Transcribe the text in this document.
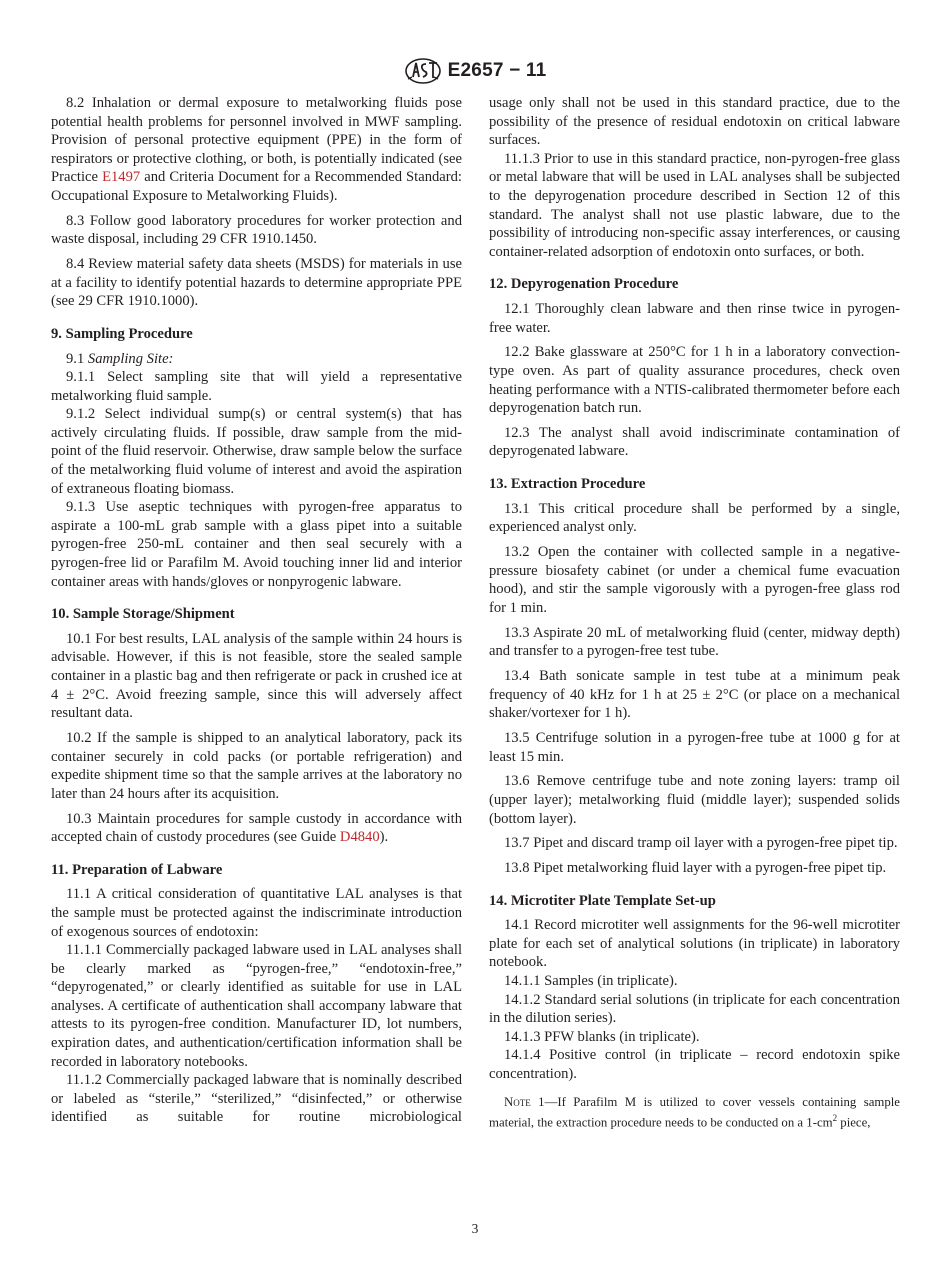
E2657 − 11

8.2 Inhalation or dermal exposure to metalworking fluids pose potential health problems for personnel involved in MWF sampling. Provision of personal protective equipment (PPE) in the form of respirators or protective clothing, or both, is potentially indicated (see Practice E1497 and Criteria Document for a Recommended Standard: Occupational Exposure to Metalworking Fluids).

8.3 Follow good laboratory procedures for worker protection and waste disposal, including 29 CFR 1910.1450.

8.4 Review material safety data sheets (MSDS) for materials in use at a facility to identify potential hazards to determine appropriate PPE (see 29 CFR 1910.1000).

9. Sampling Procedure

9.1 Sampling Site:

9.1.1 Select sampling site that will yield a representative metalworking fluid sample.

9.1.2 Select individual sump(s) or central system(s) that has actively circulating fluids. If possible, draw sample from the mid-point of the fluid reservoir. Otherwise, draw sample below the surface of the metalworking fluid volume of interest and avoid the aspiration of extraneous floating biomass.

9.1.3 Use aseptic techniques with pyrogen-free apparatus to aspirate a 100-mL grab sample with a glass pipet into a suitable pyrogen-free 250-mL container and then seal securely with a pyrogen-free lid or Parafilm M. Avoid touching inner lid and interior container areas with hands/gloves or nonpyrogenic labware.

10. Sample Storage/Shipment

10.1 For best results, LAL analysis of the sample within 24 hours is advisable. However, if this is not feasible, store the sealed sample container in a plastic bag and then refrigerate or pack in crushed ice at 4 ± 2°C. Avoid freezing sample, since this will adversely affect resultant data.

10.2 If the sample is shipped to an analytical laboratory, pack its container securely in cold packs (or portable refrigeration) and expedite shipment time so that the sample arrives at the laboratory no later than 24 hours after its acquisition.

10.3 Maintain procedures for sample custody in accordance with accepted chain of custody procedures (see Guide D4840).

11. Preparation of Labware

11.1 A critical consideration of quantitative LAL analyses is that the sample must be protected against the indiscriminate introduction of exogenous sources of endotoxin:

11.1.1 Commercially packaged labware used in LAL analyses shall be clearly marked as “pyrogen-free,” “endotoxin-free,” “depyrogenated,” or clearly identified as suitable for use in LAL analyses. A certificate of authentication shall accompany labware that attests to its pyrogen-free condition. Manufacturer ID, lot numbers, expiration dates, and authentication/certification information shall be recorded in laboratory notebooks.

11.1.2 Commercially packaged labware that is nominally described or labeled as “sterile,” “sterilized,” “disinfected,” or otherwise identified as suitable for routine microbiological

usage only shall not be used in this standard practice, due to the possibility of the presence of residual endotoxin on critical labware surfaces.

11.1.3 Prior to use in this standard practice, non-pyrogen-free glass or metal labware that will be used in LAL analyses shall be subjected to the depyrogenation procedure described in Section 12 of this standard. The analyst shall not use plastic labware, due to the possibility of introducing non-specific assay interferences, or causing container-related adsorption of endotoxin onto surfaces, or both.

12. Depyrogenation Procedure

12.1 Thoroughly clean labware and then rinse twice in pyrogen-free water.

12.2 Bake glassware at 250°C for 1 h in a laboratory convection-type oven. As part of quality assurance procedures, check oven heating performance with a NTIS-calibrated thermometer before each depyrogenation batch run.

12.3 The analyst shall avoid indiscriminate contamination of depyrogenated labware.

13. Extraction Procedure

13.1 This critical procedure shall be performed by a single, experienced analyst only.

13.2 Open the container with collected sample in a negative-pressure biosafety cabinet (or under a chemical fume evacuation hood), and stir the sample vigorously with a pyrogen-free glass rod for 1 min.

13.3 Aspirate 20 mL of metalworking fluid (center, midway depth) and transfer to a pyrogen-free test tube.

13.4 Bath sonicate sample in test tube at a minimum peak frequency of 40 kHz for 1 h at 25 ± 2°C (or place on a mechanical shaker/vortexer for 1 h).

13.5 Centrifuge solution in a pyrogen-free tube at 1000 g for at least 15 min.

13.6 Remove centrifuge tube and note zoning layers: tramp oil (upper layer); metalworking fluid (middle layer); suspended solids (bottom layer).

13.7 Pipet and discard tramp oil layer with a pyrogen-free pipet tip.

13.8 Pipet metalworking fluid layer with a pyrogen-free pipet tip.

14. Microtiter Plate Template Set-up

14.1 Record microtiter well assignments for the 96-well microtiter plate for each set of analytical solutions (in triplicate) in laboratory notebook.

14.1.1 Samples (in triplicate).

14.1.2 Standard serial solutions (in triplicate for each concentration in the dilution series).

14.1.3 PFW blanks (in triplicate).

14.1.4 Positive control (in triplicate – record endotoxin spike concentration).

Note 1—If Parafilm M is utilized to cover vessels containing sample material, the extraction procedure needs to be conducted on a $1-cm^2$ piece,

3
